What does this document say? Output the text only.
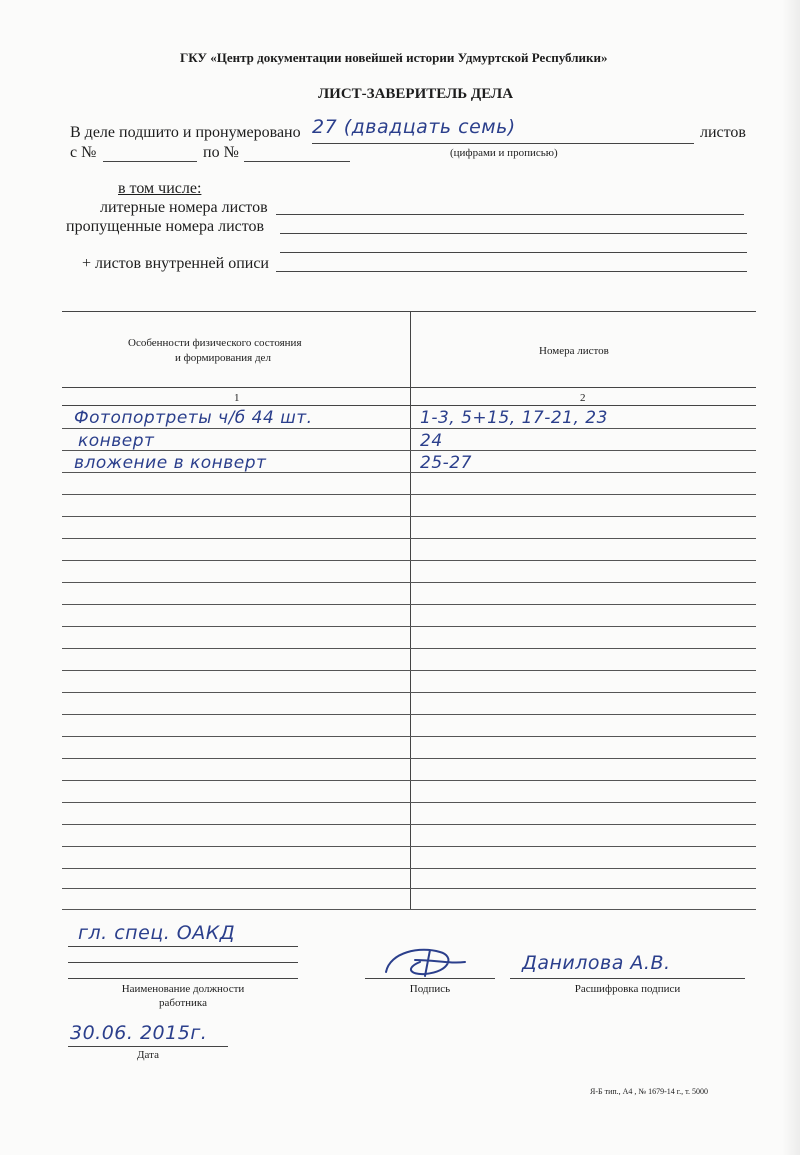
ГКУ «Центр документации новейшей истории Удмуртской Республики»
ЛИСТ-ЗАВЕРИТЕЛЬ ДЕЛА
В деле подшито и пронумеровано 27 (двадцать семь)	листов
с №	по №	(цифрами и прописью)
в том числе:
литерные номера листов
пропущенные номера листов
+ листов внутренней описи
Особенности физического состояния
и формирования дел
Номера листов
1	2
Фотопортреты ч/б 44 шт.	1-3, 5+15, 17-21, 23
конверт	24
вложение в конверт	25-27
гл. спец. ОАКД
Наименование должности
работника
Подпись
Данилова А.В.
Расшифровка подписи
30.06. 2015г.
Дата
Я-Б тип., А4 , № 1679-14 г., т. 5000
